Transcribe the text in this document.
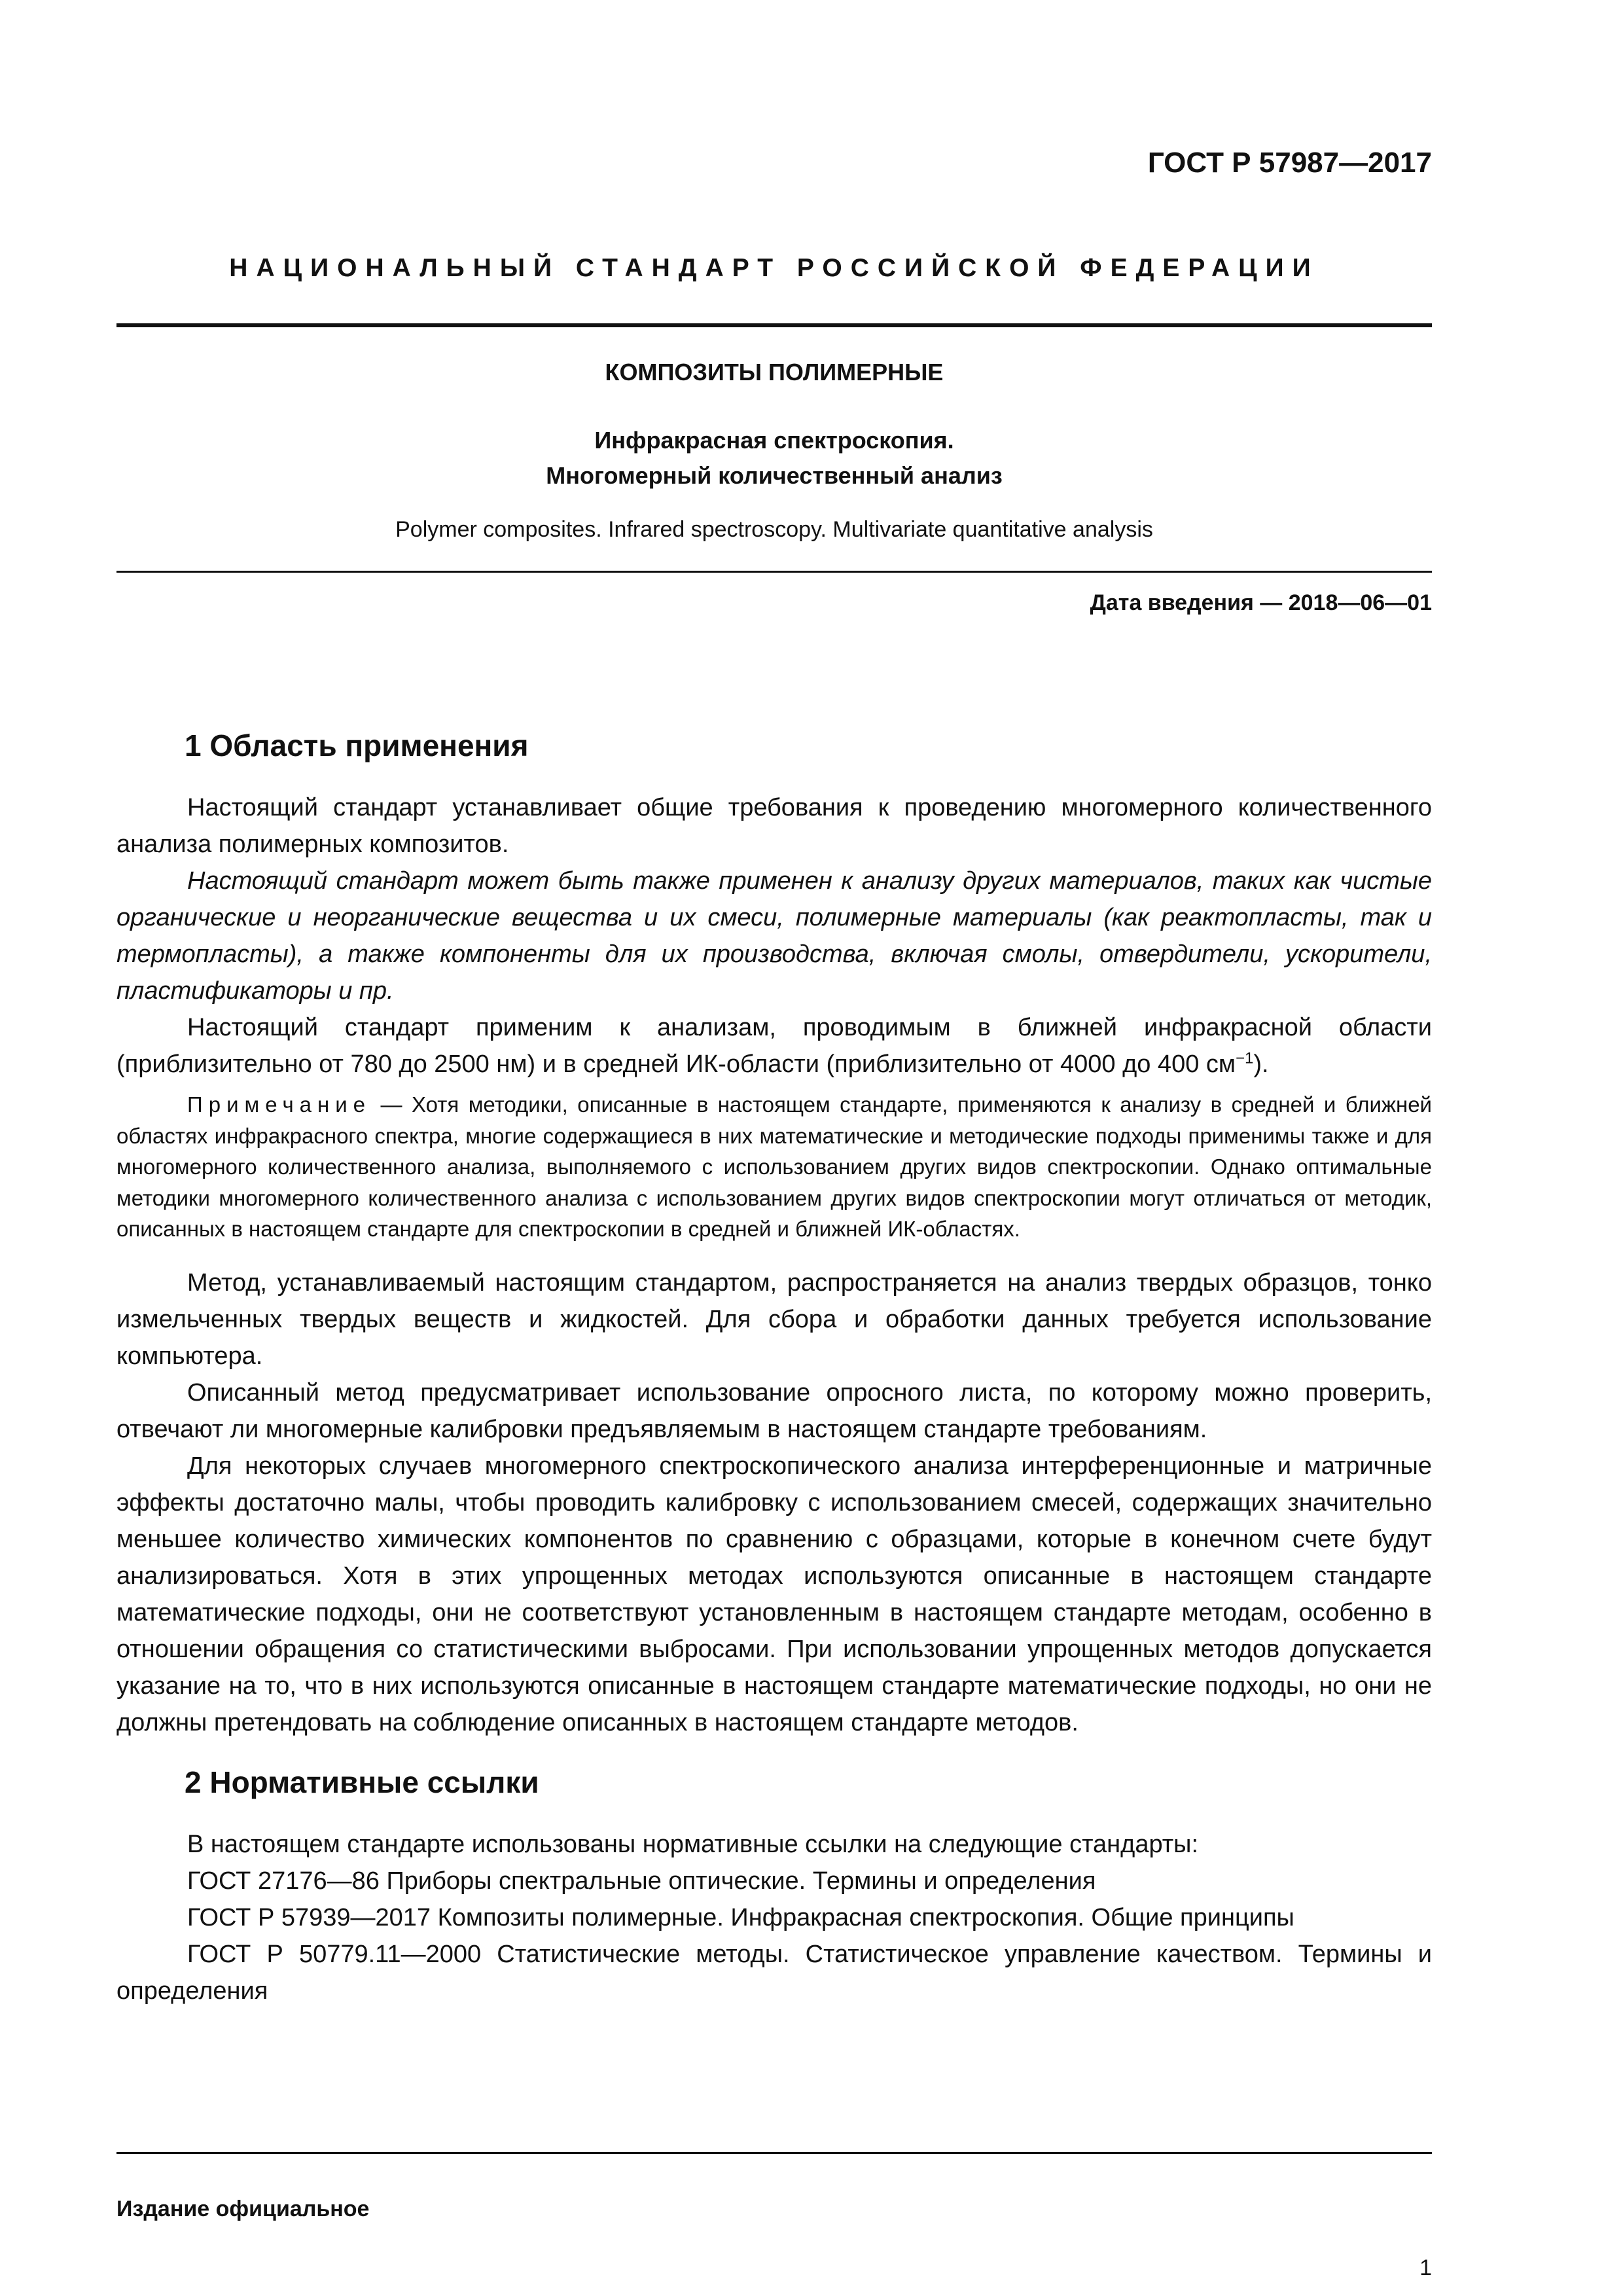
ГОСТ Р 57987—2017
НАЦИОНАЛЬНЫЙ СТАНДАРТ РОССИЙСКОЙ ФЕДЕРАЦИИ
КОМПОЗИТЫ ПОЛИМЕРНЫЕ
Инфракрасная спектроскопия.
Многомерный количественный анализ
Polymer composites. Infrared spectroscopy. Multivariate quantitative analysis
Дата введения — 2018—06—01
1 Область применения

Настоящий стандарт устанавливает общие требования к проведению многомерного количественного анализа полимерных композитов.

Настоящий стандарт может быть также применен к анализу других материалов, таких как чистые органические и неорганические вещества и их смеси, полимерные материалы (как реактопласты, так и термопласты), а также компоненты для их производства, включая смолы, отвердители, ускорители, пластификаторы и пр.

Настоящий стандарт применим к анализам, проводимым в ближней инфракрасной области (приблизительно от 780 до 2500 нм) и в средней ИК-области (приблизительно от 4000 до 400 $см^{-1}$).

Примечание — Хотя методики, описанные в настоящем стандарте, применяются к анализу в средней и ближней областях инфракрасного спектра, многие содержащиеся в них математические и методические подходы применимы также и для многомерного количественного анализа, выполняемого с использованием других видов спектроскопии. Однако оптимальные методики многомерного количественного анализа с использованием других видов спектроскопии могут отличаться от методик, описанных в настоящем стандарте для спектроскопии в средней и ближней ИК-областях.

Метод, устанавливаемый настоящим стандартом, распространяется на анализ твердых образцов, тонко измельченных твердых веществ и жидкостей. Для сбора и обработки данных требуется использование компьютера.

Описанный метод предусматривает использование опросного листа, по которому можно проверить, отвечают ли многомерные калибровки предъявляемым в настоящем стандарте требованиям.

Для некоторых случаев многомерного спектроскопического анализа интерференционные и матричные эффекты достаточно малы, чтобы проводить калибровку с использованием смесей, содержащих значительно меньшее количество химических компонентов по сравнению с образцами, которые в конечном счете будут анализироваться. Хотя в этих упрощенных методах используются описанные в настоящем стандарте математические подходы, они не соответствуют установленным в настоящем стандарте методам, особенно в отношении обращения со статистическими выбросами. При использовании упрощенных методов допускается указание на то, что в них используются описанные в настоящем стандарте математические подходы, но они не должны претендовать на соблюдение описанных в настоящем стандарте методов.

2 Нормативные ссылки

В настоящем стандарте использованы нормативные ссылки на следующие стандарты:

ГОСТ 27176—86 Приборы спектральные оптические. Термины и определения

ГОСТ Р 57939—2017 Композиты полимерные. Инфракрасная спектроскопия. Общие принципы

ГОСТ Р 50779.11—2000 Статистические методы. Статистическое управление качеством. Термины и определения

Издание официальное
1
